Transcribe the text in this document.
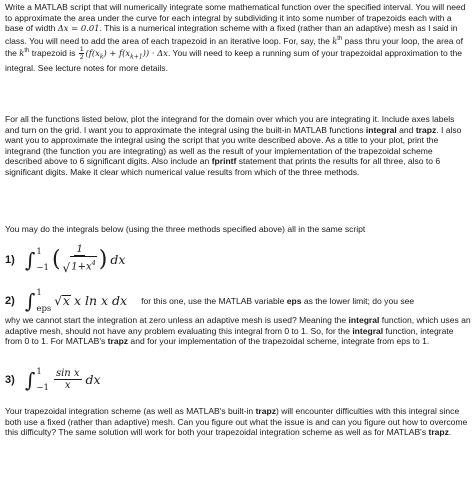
Write a MATLAB script that will numerically integrate some mathematical function over the specified interval. You will need to approximate the area under the curve for each integral by subdividing it into some number of trapezoids each with a base of width Δx = 0.01. This is a numerical integration scheme with a fixed (rather than an adaptive) mesh as I said in class. You will need to add the area of each trapezoid in an iterative loop. For, say, the $k^{th}$ pass thru your loop, the area of the $k^{th}$ trapezoid is $\frac{1}{2} (f(x_k) + f(x_{k+1})) \cdot \Delta x$. You will need to keep a running sum of your trapezoidal approximation to the integral. See lecture notes for more details.

For all the functions listed below, plot the integrand for the domain over which you are integrating it. Include axes labels and turn on the grid. I want you to approximate the integral using the built-in MATLAB functions integral and trapz. I also want you to approximate the integral using the script that you write described above. As a title to your plot, print the integrand (the function you are integrating) as well as the result of your implementation of the trapezoidal scheme described above to 6 significant digits. Also include an fprintf statement that prints the results for all three, also to 6 significant digits. Make it clear which numerical value results from which of the three methods.

You may do the integrals below (using the three methods specified above) all in the same script

1) ∫ 1
−1 ( $\frac{1}{√ 1+x^4}$ ) dx
2) ∫ 1
eps
√ x x ln x dx for this one, use the MATLAB variable eps as the lower limit; do you see

why we cannot start the integration at zero unless an adaptive mesh is used? Meaning the integral function, which uses an adaptive mesh, should not have any problem evaluating this integral from 0 to 1. So, for the integral function, integrate from 0 to 1. For MATLAB's trapz and for your implementation of the trapezoidal scheme, integrate from eps to 1.

3) ∫ 1
$-1 \frac{\text{sin x}}{x}$ dx

Your trapezoidal integration scheme (as well as MATLAB's built-in trapz) will encounter difficulties with this integral since both use a fixed (rather than adaptive) mesh. Can you figure out what the issue is and can you figure out how to overcome this difficulty? The same solution will work for both your trapezoidal integration scheme as well as for MATLAB's trapz.
